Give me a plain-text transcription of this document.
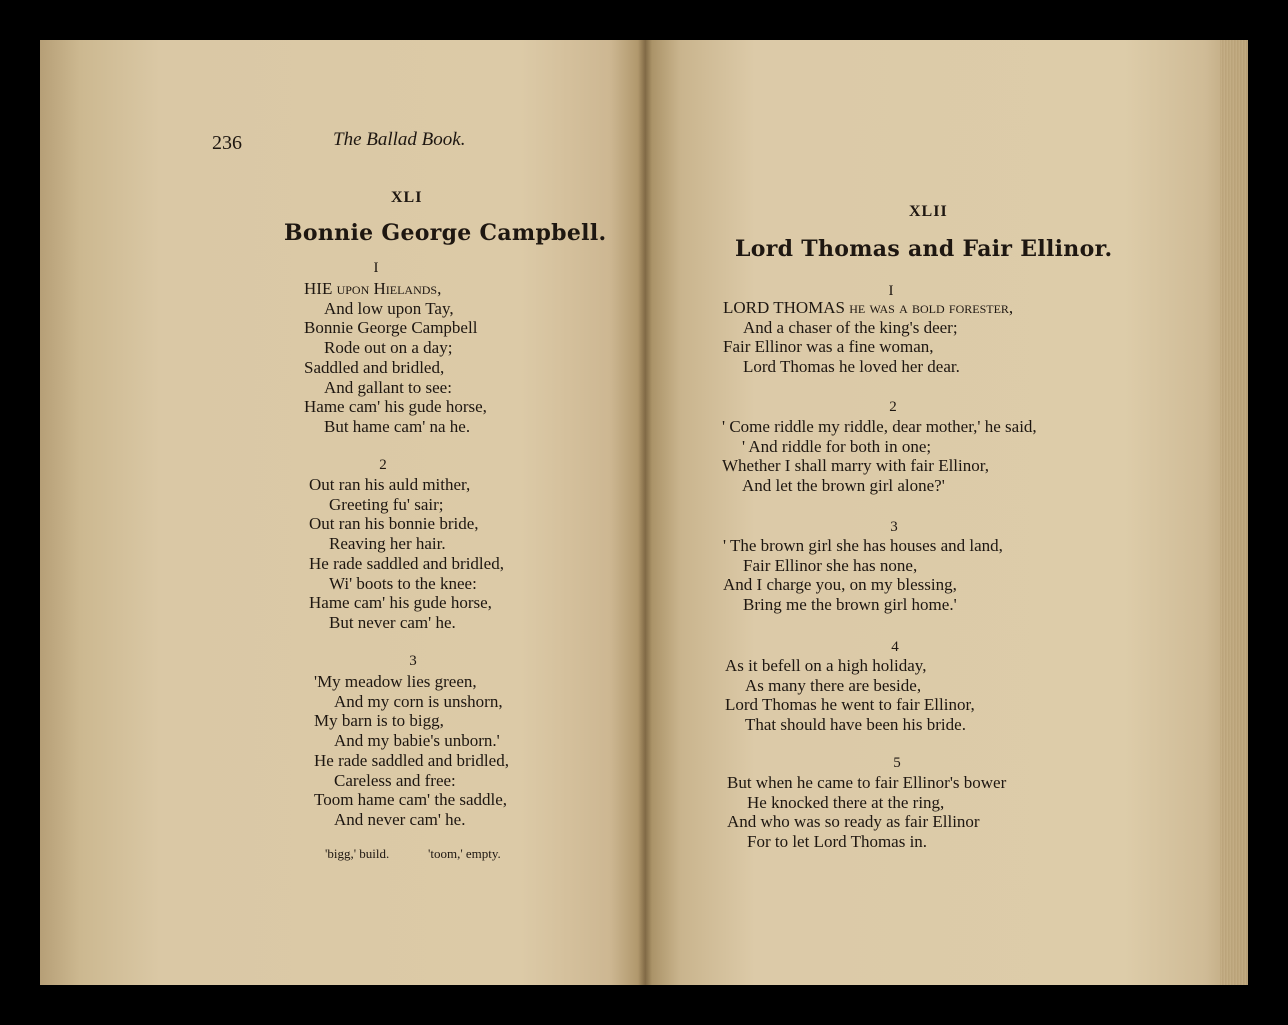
236	The Ballad Book.
XLI
Bonnie George Campbell.
I
HIE upon Hielands,
And low upon Tay,
Bonnie George Campbell
Rode out on a day;
Saddled and bridled,
And gallant to see:
Hame cam' his gude horse,
But hame cam' na he.
2
Out ran his auld mither,
Greeting fu' sair;
Out ran his bonnie bride,
Reaving her hair.
He rade saddled and bridled,
Wi' boots to the knee:
Hame cam' his gude horse,
But never cam' he.
3
'My meadow lies green,
And my corn is unshorn,
My barn is to bigg,
And my babie's unborn.'
He rade saddled and bridled,
Careless and free:
Toom hame cam' the saddle,
And never cam' he.
'bigg,' build.	'toom,' empty.
XLII
Lord Thomas and Fair Ellinor.
I
LORD THOMAS he was a bold forester,
And a chaser of the king's deer;
Fair Ellinor was a fine woman,
Lord Thomas he loved her dear.
2
' Come riddle my riddle, dear mother,' he said,
' And riddle for both in one;
Whether I shall marry with fair Ellinor,
And let the brown girl alone?'
3
' The brown girl she has houses and land,
Fair Ellinor she has none,
And I charge you, on my blessing,
Bring me the brown girl home.'
4
As it befell on a high holiday,
As many there are beside,
Lord Thomas he went to fair Ellinor,
That should have been his bride.
5
But when he came to fair Ellinor's bower
He knocked there at the ring,
And who was so ready as fair Ellinor
For to let Lord Thomas in.
